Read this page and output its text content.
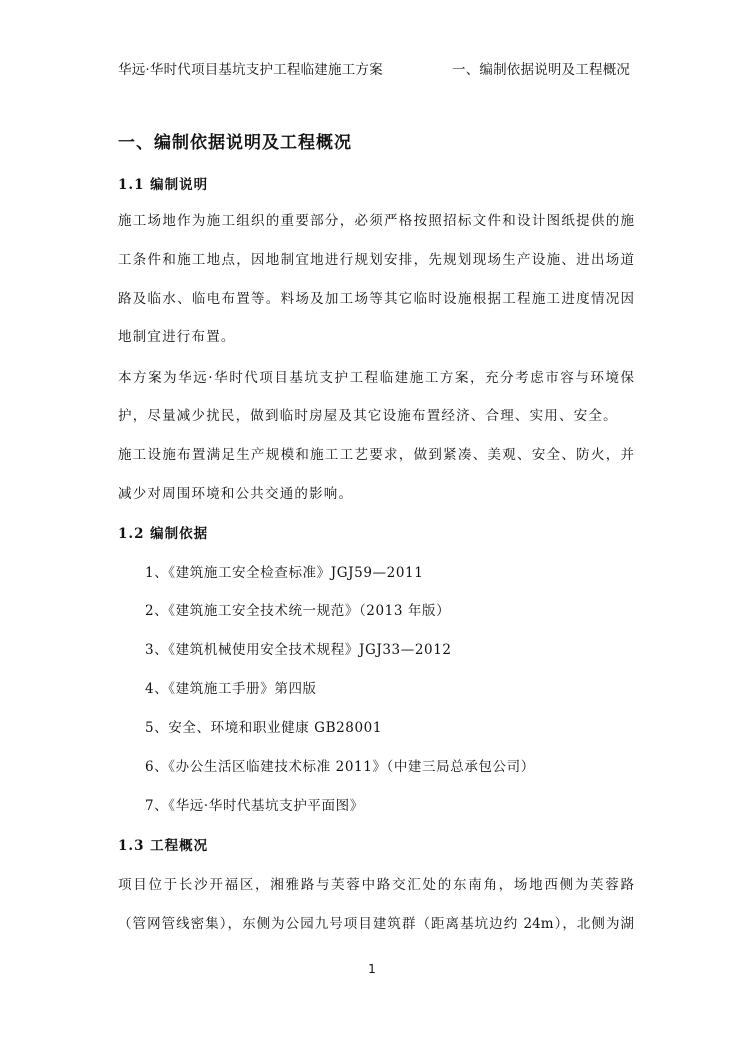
华远·华时代项目基坑支护工程临建施工方案	一、编制依据说明及工程概况
一、编制依据说明及工程概况
1.1 编制说明
施工场地作为施工组织的重要部分，必须严格按照招标文件和设计图纸提供的施
工条件和施工地点，因地制宜地进行规划安排，先规划现场生产设施、进出场道
路及临水、临电布置等。料场及加工场等其它临时设施根据工程施工进度情况因
地制宜进行布置。
本方案为华远·华时代项目基坑支护工程临建施工方案，充分考虑市容与环境保
护，尽量减少扰民，做到临时房屋及其它设施布置经济、合理、实用、安全。
施工设施布置满足生产规模和施工工艺要求，做到紧凑、美观、安全、防火，并
减少对周围环境和公共交通的影响。
1.2 编制依据
1、《建筑施工安全检查标准》JGJ59—2011
2、《建筑施工安全技术统一规范》（2013 年版）
3、《建筑机械使用安全技术规程》JGJ33—2012
4、《建筑施工手册》第四版
5、安全、环境和职业健康 GB28001
6、《办公生活区临建技术标准 2011》（中建三局总承包公司）
7、《华远·华时代基坑支护平面图》
1.3 工程概况
项目位于长沙开福区，湘雅路与芙蓉中路交汇处的东南角，场地西侧为芙蓉路
（管网管线密集），东侧为公园九号项目建筑群（距离基坑边约 24m），北侧为湖
1
